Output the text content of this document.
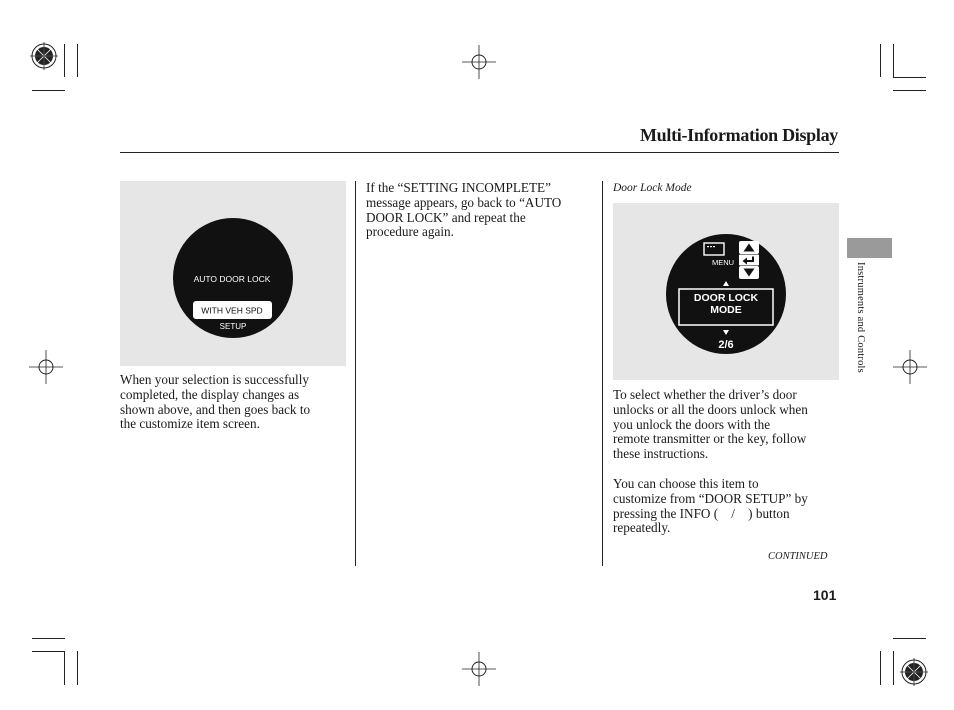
Multi-Information Display
AUTO DOOR LOCK
WITH VEH SPD
SETUP
When your selection is successfully
completed, the display changes as
shown above, and then goes back to
the customize item screen.
If the “SETTING INCOMPLETE”
message appears, go back to “AUTO
DOOR LOCK” and repeat the
procedure again.
Door Lock Mode
MENU
DOOR LOCK
MODE
2/6
To select whether the driver’s door
unlocks or all the doors unlock when
you unlock the doors with the
remote transmitter or the key, follow
these instructions.
You can choose this item to
customize from “DOOR SETUP” by
pressing the INFO ( / ) button
repeatedly.
Instruments and Controls
CONTINUED
101
